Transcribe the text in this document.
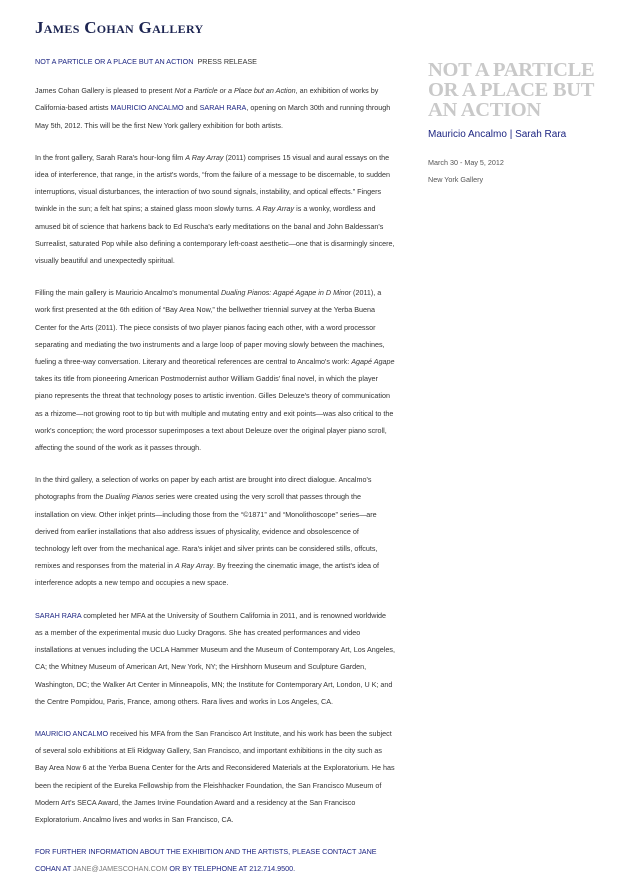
James Cohan Gallery

NOT A PARTICLE OR A PLACE BUT AN ACTION PRESS RELEASE

James Cohan Gallery is pleased to present Not a Particle or a Place but an Action, an exhibition of works by California-based artists MAURICIO ANCALMO and SARAH RARA, opening on March 30th and running through May 5th, 2012. This will be the first New York gallery exhibition for both artists.

In the front gallery, Sarah Rara's hour-long film A Ray Array (2011) comprises 15 visual and aural essays on the idea of interference, that range, in the artist's words, “from the failure of a message to be discernable, to sudden interruptions, visual disturbances, the interaction of two sound signals, instability, and optical effects.” Fingers twinkle in the sun; a felt hat spins; a stained glass moon slowly turns. A Ray Array is a wonky, wordless and amused bit of science that harkens back to Ed Ruscha's early meditations on the banal and John Baldessan's Surrealist, saturated Pop while also defining a contemporary left-coast aesthetic—one that is disarmingly sincere, visually beautiful and unexpectedly spiritual.

Filling the main gallery is Mauricio Ancalmo's monumental Dualing Pianos: Agapé Agape in D Minor (2011), a work first presented at the 6th edition of “Bay Area Now,” the bellwether triennial survey at the Yerba Buena Center for the Arts (2011). The piece consists of two player pianos facing each other, with a word processor separating and mediating the two instruments and a large loop of paper moving slowly between the machines, fueling a three-way conversation. Literary and theoretical references are central to Ancalmo's work: Agapé Agape takes its title from pioneering American Postmodernist author William Gaddis' final novel, in which the player piano represents the threat that technology poses to artistic invention. Gilles Deleuze's theory of communication as a rhizome—not growing root to tip but with multiple and mutating entry and exit points—was also critical to the work's conception; the word processor superimposes a text about Deleuze over the original player piano scroll, affecting the sound of the work as it passes through.

In the third gallery, a selection of works on paper by each artist are brought into direct dialogue. Ancalmo's photographs from the Dualing Pianos series were created using the very scroll that passes through the installation on view. Other inkjet prints—including those from the “©1871” and “Monolithoscope” series—are derived from earlier installations that also address issues of physicality, evidence and obsolescence of technology left over from the mechanical age. Rara's inkjet and silver prints can be considered stills, offcuts, remixes and responses from the material in A Ray Array. By freezing the cinematic image, the artist's idea of interference adopts a new tempo and occupies a new space.

SARAH RARA completed her MFA at the University of Southern California in 2011, and is renowned worldwide as a member of the experimental music duo Lucky Dragons. She has created performances and video installations at venues including the UCLA Hammer Museum and the Museum of Contemporary Art, Los Angeles, CA; the Whitney Museum of American Art, New York, NY; the Hirshhorn Museum and Sculpture Garden, Washington, DC; the Walker Art Center in Minneapolis, MN; the Institute for Contemporary Art, London, U K; and the Centre Pompidou, Paris, France, among others. Rara lives and works in Los Angeles, CA.

MAURICIO ANCALMO received his MFA from the San Francisco Art Institute, and his work has been the subject of several solo exhibitions at Eli Ridgway Gallery, San Francisco, and important exhibitions in the city such as Bay Area Now 6 at the Yerba Buena Center for the Arts and Reconsidered Materials at the Exploratorium. He has been the recipient of the Eureka Fellowship from the Fleishhacker Foundation, the San Francisco Museum of Modern Art's SECA Award, the James Irvine Foundation Award and a residency at the San Francisco Exploratorium. Ancalmo lives and works in San Francisco, CA.

FOR FURTHER INFORMATION ABOUT THE EXHIBITION AND THE ARTISTS, PLEASE CONTACT JANE COHAN AT JANE@JAMESCOHAN.COM OR BY TELEPHONE AT 212.714.9500.

NOT A PARTICLE OR A PLACE BUT AN ACTION
Mauricio Ancalmo | Sarah Rara
March 30 - May 5, 2012
New York Gallery
